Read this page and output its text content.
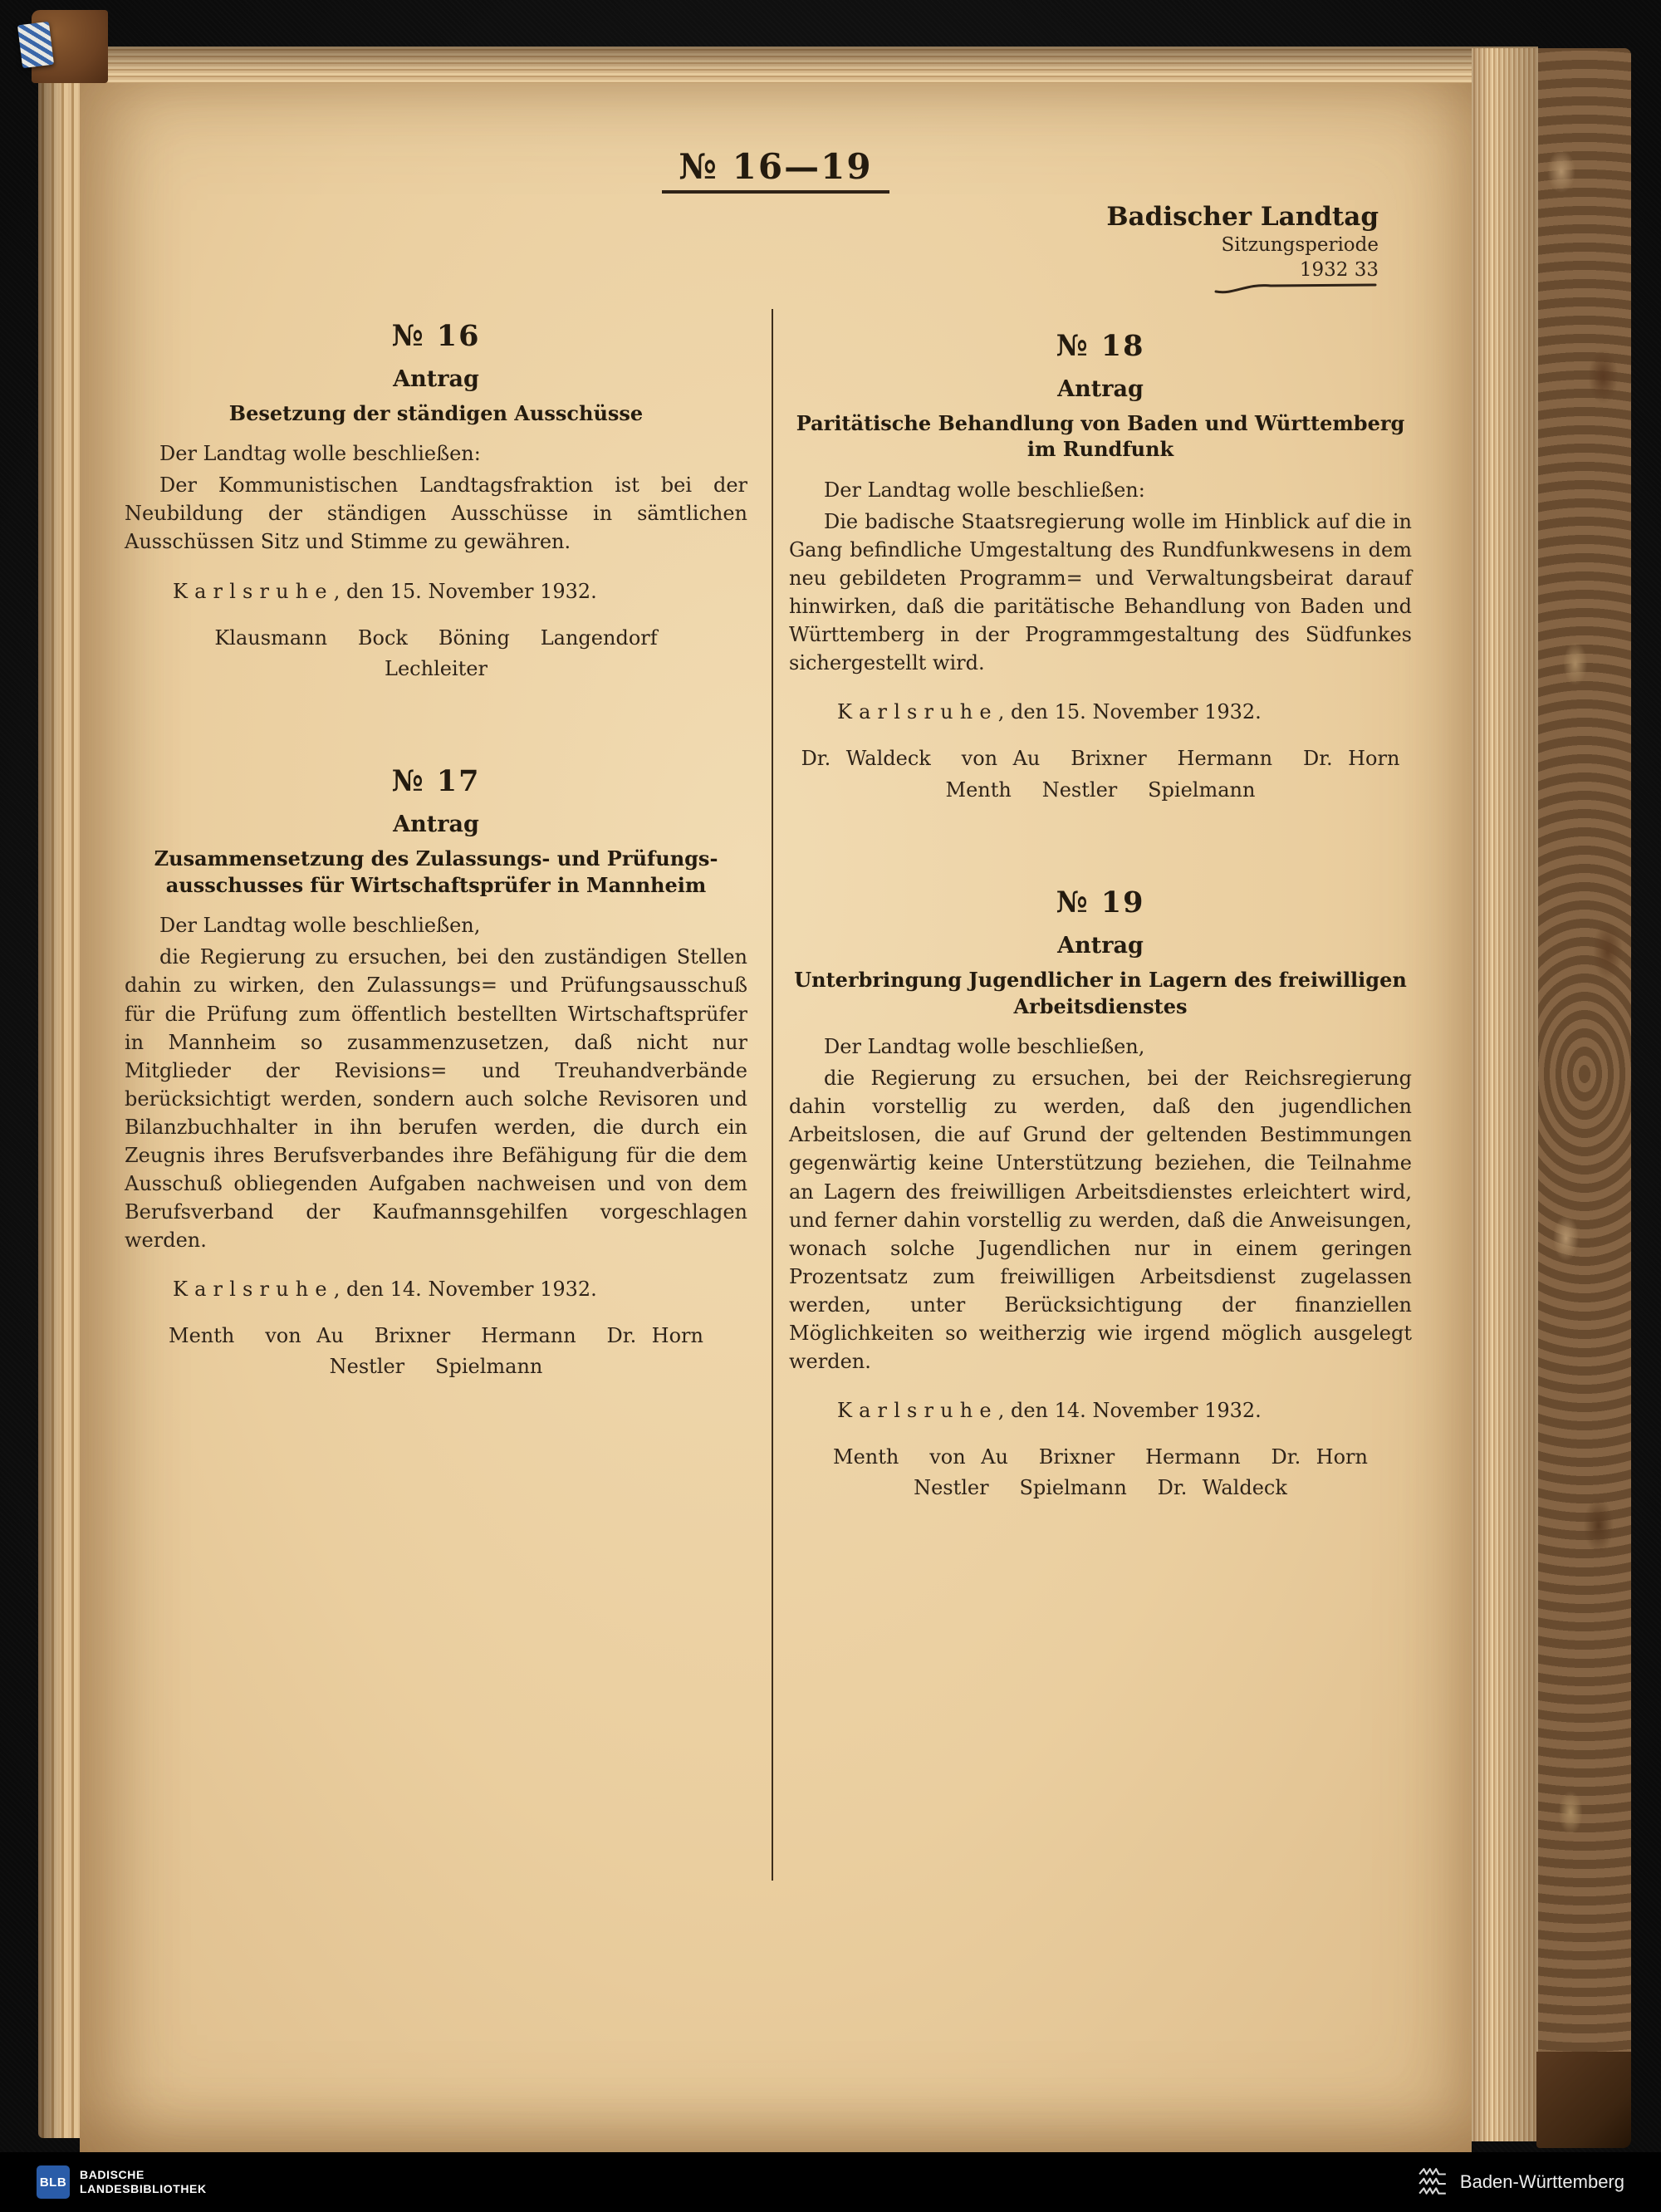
№ 16—19
Badischer Landtag
Sitzungsperiode
1932 33
№ 16
Antrag
Besetzung der ständigen Ausschüsse

Der Landtag wolle beschließen:

Der Kommunistischen Landtagsfraktion ist bei der Neubildung der ständigen Ausschüsse in sämtlichen Ausschüssen Sitz und Stimme zu gewähren.

Karlsruhe, den 15. November 1932.

Klausmann  Bock  Böning  Langendorf
Lechleiter
№ 17
Antrag
Zusammensetzung des Zulassungs- und Prüfungs-
ausschusses für Wirtschaftsprüfer in Mannheim

Der Landtag wolle beschließen,

die Regierung zu ersuchen, bei den zuständigen Stellen dahin zu wirken, den Zulassungs= und Prüfungsausschuß für die Prüfung zum öffentlich bestellten Wirtschaftsprüfer in Mannheim so zusammenzusetzen, daß nicht nur Mitglieder der Revisions= und Treuhandverbände berücksichtigt werden, sondern auch solche Revisoren und Bilanzbuchhalter in ihn berufen werden, die durch ein Zeugnis ihres Berufsverbandes ihre Befähigung für die dem Ausschuß obliegenden Aufgaben nachweisen und von dem Berufsverband der Kaufmannsgehilfen vorgeschlagen werden.

Karlsruhe, den 14. November 1932.

Menth  von Au  Brixner  Hermann  Dr. Horn
Nestler  Spielmann
№ 18
Antrag
Paritätische Behandlung von Baden und Württemberg
im Rundfunk

Der Landtag wolle beschließen:

Die badische Staatsregierung wolle im Hinblick auf die in Gang befindliche Umgestaltung des Rundfunkwesens in dem neu gebildeten Programm= und Verwaltungsbeirat darauf hinwirken, daß die paritätische Behandlung von Baden und Württemberg in der Programmgestaltung des Südfunkes sichergestellt wird.

Karlsruhe, den 15. November 1932.

Dr. Waldeck  von Au  Brixner  Hermann  Dr. Horn
Menth  Nestler  Spielmann
№ 19
Antrag
Unterbringung Jugendlicher in Lagern des freiwilligen
Arbeitsdienstes

Der Landtag wolle beschließen,

die Regierung zu ersuchen, bei der Reichsregierung dahin vorstellig zu werden, daß den jugendlichen Arbeitslosen, die auf Grund der geltenden Bestimmungen gegenwärtig keine Unterstützung beziehen, die Teilnahme an Lagern des freiwilligen Arbeitsdienstes erleichtert wird, und ferner dahin vorstellig zu werden, daß die Anweisungen, wonach solche Jugendlichen nur in einem geringen Prozentsatz zum freiwilligen Arbeitsdienst zugelassen werden, unter Berücksichtigung der finanziellen Möglichkeiten so weitherzig wie irgend möglich ausgelegt werden.

Karlsruhe, den 14. November 1932.

Menth  von Au  Brixner  Hermann  Dr. Horn
Nestler  Spielmann  Dr. Waldeck
BLB
BADISCHE
LANDESBIBLIOTHEK	Baden-Württemberg
